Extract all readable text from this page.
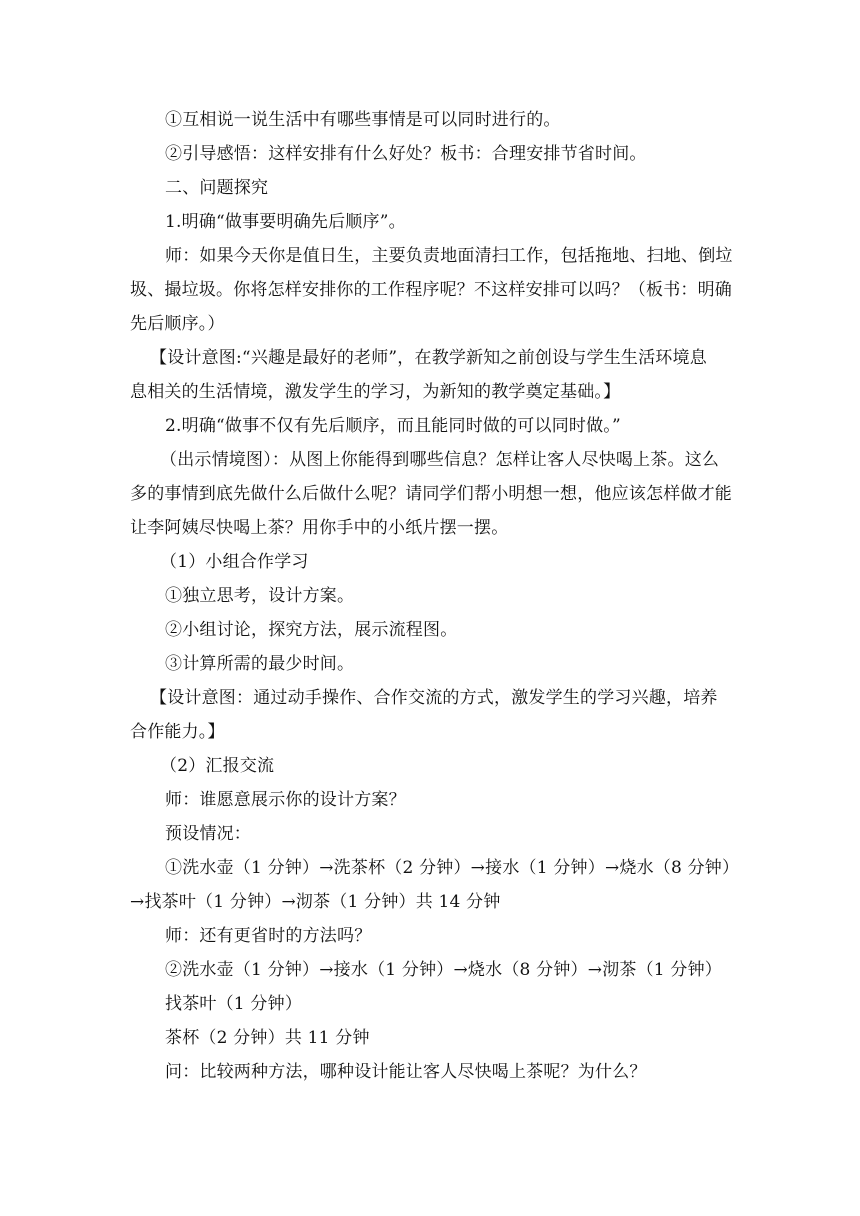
①互相说一说生活中有哪些事情是可以同时进行的。
②引导感悟：这样安排有什么好处？板书：合理安排节省时间。
二、问题探究
1.明确“做事要明确先后顺序”。
师：如果今天你是值日生，主要负责地面清扫工作，包括拖地、扫地、倒垃
圾、撮垃圾。你将怎样安排你的工作程序呢？不这样安排可以吗？（板书：明确
先后顺序。）
【设计意图:“兴趣是最好的老师”，在教学新知之前创设与学生生活环境息
息相关的生活情境，激发学生的学习，为新知的教学奠定基础。】
2.明确“做事不仅有先后顺序，而且能同时做的可以同时做。”
（出示情境图）：从图上你能得到哪些信息？怎样让客人尽快喝上茶。这么
多的事情到底先做什么后做什么呢？请同学们帮小明想一想，他应该怎样做才能
让李阿姨尽快喝上茶？用你手中的小纸片摆一摆。
（1）小组合作学习
①独立思考，设计方案。
②小组讨论，探究方法，展示流程图。
③计算所需的最少时间。
【设计意图：通过动手操作、合作交流的方式，激发学生的学习兴趣，培养
合作能力。】
（2）汇报交流
师：谁愿意展示你的设计方案？
预设情况：
①洗水壶（1 分钟）→洗茶杯（2 分钟）→接水（1 分钟）→烧水（8 分钟）
→找茶叶（1 分钟）→沏茶（1 分钟）共 14 分钟
师：还有更省时的方法吗？
②洗水壶（1 分钟）→接水（1 分钟）→烧水（8 分钟）→沏茶（1 分钟）
找茶叶（1 分钟）
茶杯（2 分钟）共 11 分钟
问：比较两种方法，哪种设计能让客人尽快喝上茶呢？为什么？
